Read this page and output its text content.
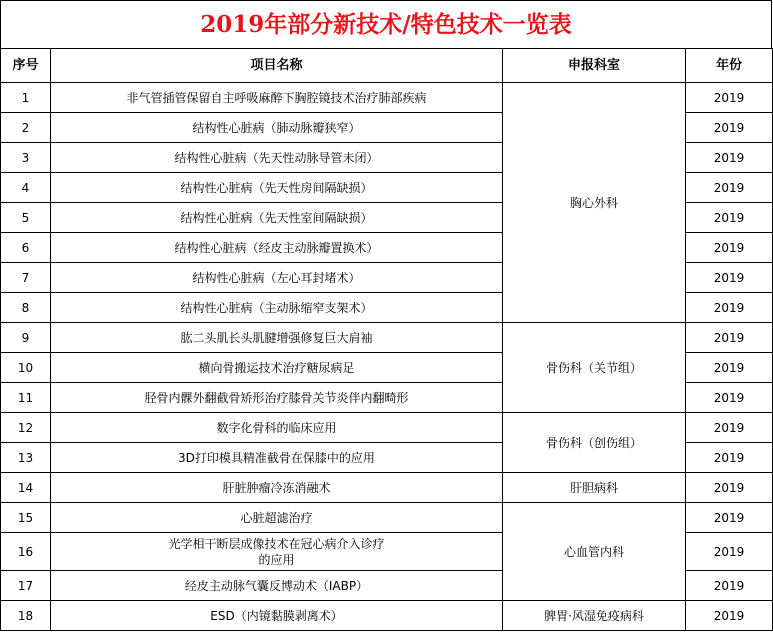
2019年部分新技术/特色技术一览表
序号	项目名称	申报科室	年份
1	非气管插管保留自主呼吸麻醉下胸腔镜技术治疗肺部疾病	胸心外科	2019
2	结构性心脏病（肺动脉瓣狭窄）		2019
3	结构性心脏病（先天性动脉导管未闭）		2019
4	结构性心脏病（先天性房间隔缺损）		2019
5	结构性心脏病（先天性室间隔缺损）		2019
6	结构性心脏病（经皮主动脉瓣置换术）		2019
7	结构性心脏病（左心耳封堵术）		2019
8	结构性心脏病（主动脉缩窄支架术）		2019
9	肱二头肌长头肌腱增强修复巨大肩袖	骨伤科（关节组）	2019
10	横向骨搬运技术治疗糖尿病足		2019
11	胫骨内髁外翻截骨矫形治疗膝骨关节炎伴内翻畸形		2019
12	数字化骨科的临床应用	骨伤科（创伤组）	2019
13	3D打印模具精准截骨在保膝中的应用		2019
14	肝脏肿瘤冷冻消融术	肝胆病科	2019
15	心脏超滤治疗	心血管内科	2019
16	光学相干断层成像技术在冠心病介入诊疗
的应用		2019
17	经皮主动脉气囊反博动术（IABP）		2019
18	ESD（内镜黏膜剥离术）	脾胃·风湿免疫病科	2019
